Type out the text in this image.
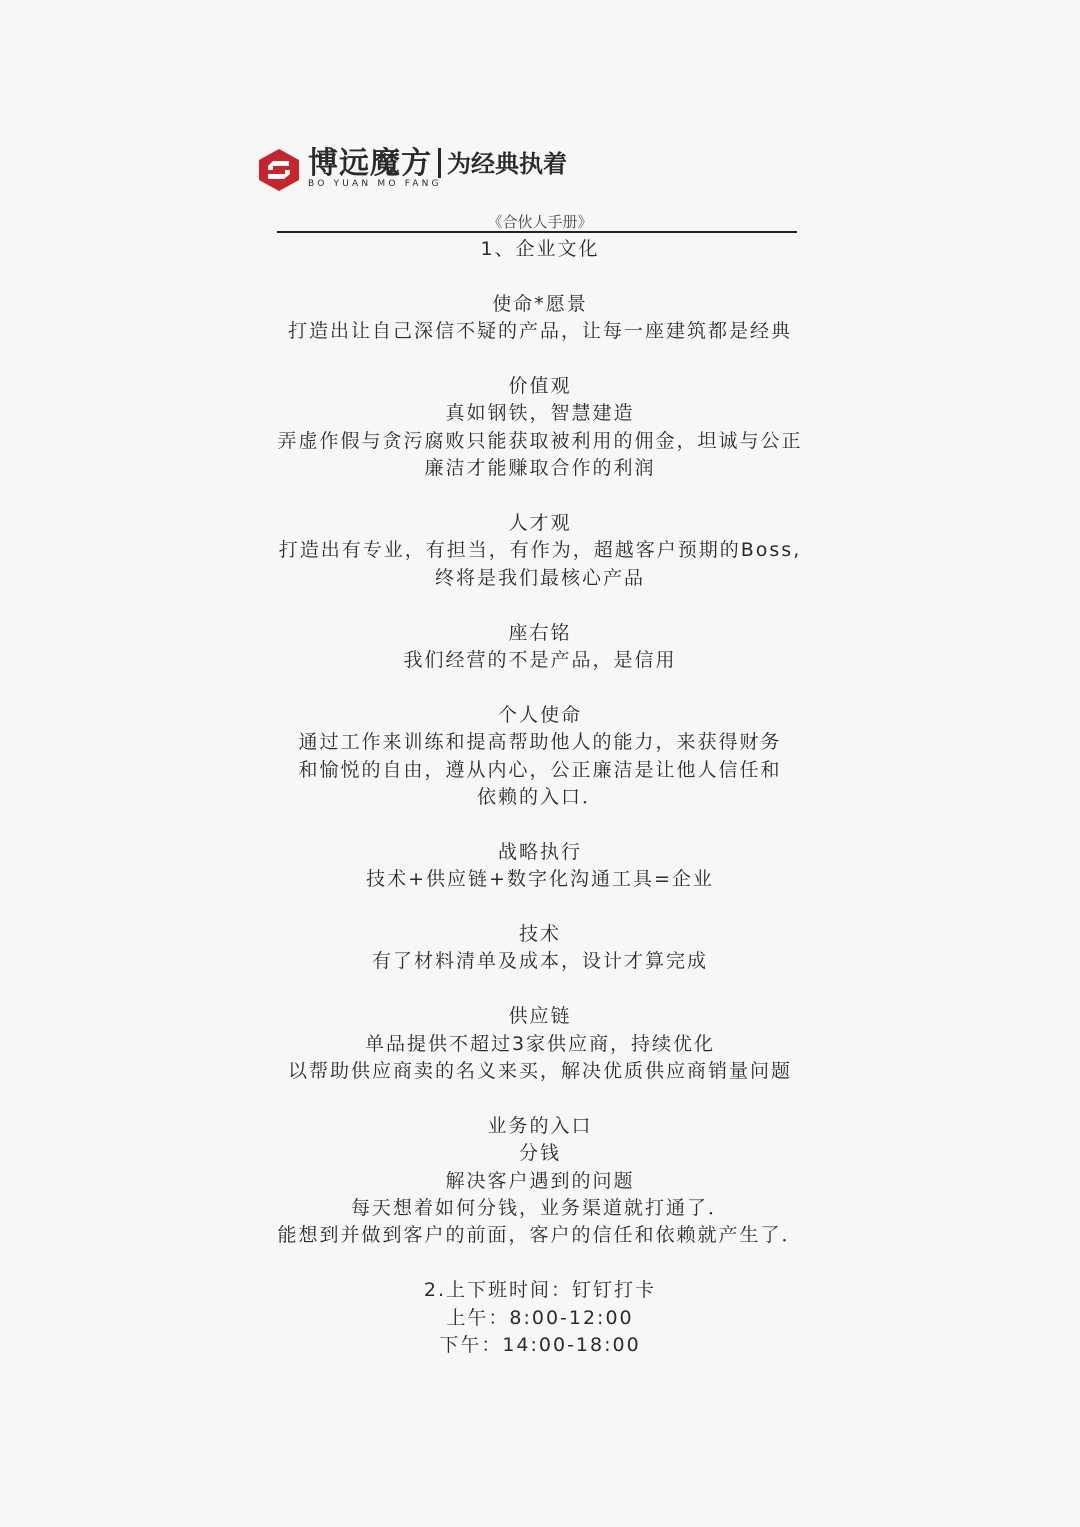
博远魔方 为经典执着
BO YUAN MO FANG
《合伙人手册》
1、企业文化
使命*愿景
打造出让自己深信不疑的产品，让每一座建筑都是经典
价值观
真如钢铁，智慧建造
弄虚作假与贪污腐败只能获取被利用的佣金，坦诚与公正
廉洁才能赚取合作的利润
人才观
打造出有专业，有担当，有作为，超越客户预期的Boss,
终将是我们最核心产品
座右铭
我们经营的不是产品，是信用
个人使命
通过工作来训练和提高帮助他人的能力，来获得财务
和愉悦的自由，遵从内心，公正廉洁是让他人信任和
依赖的入口．
战略执行
技术+供应链+数字化沟通工具=企业
技术
有了材料清单及成本，设计才算完成
供应链
单品提供不超过3家供应商，持续优化
以帮助供应商卖的名义来买，解决优质供应商销量问题
业务的入口
分钱
解决客户遇到的问题
每天想着如何分钱，业务渠道就打通了．
能想到并做到客户的前面，客户的信任和依赖就产生了．
2.上下班时间：钉钉打卡
上午：8:00-12:00
下午：14:00-18:00
